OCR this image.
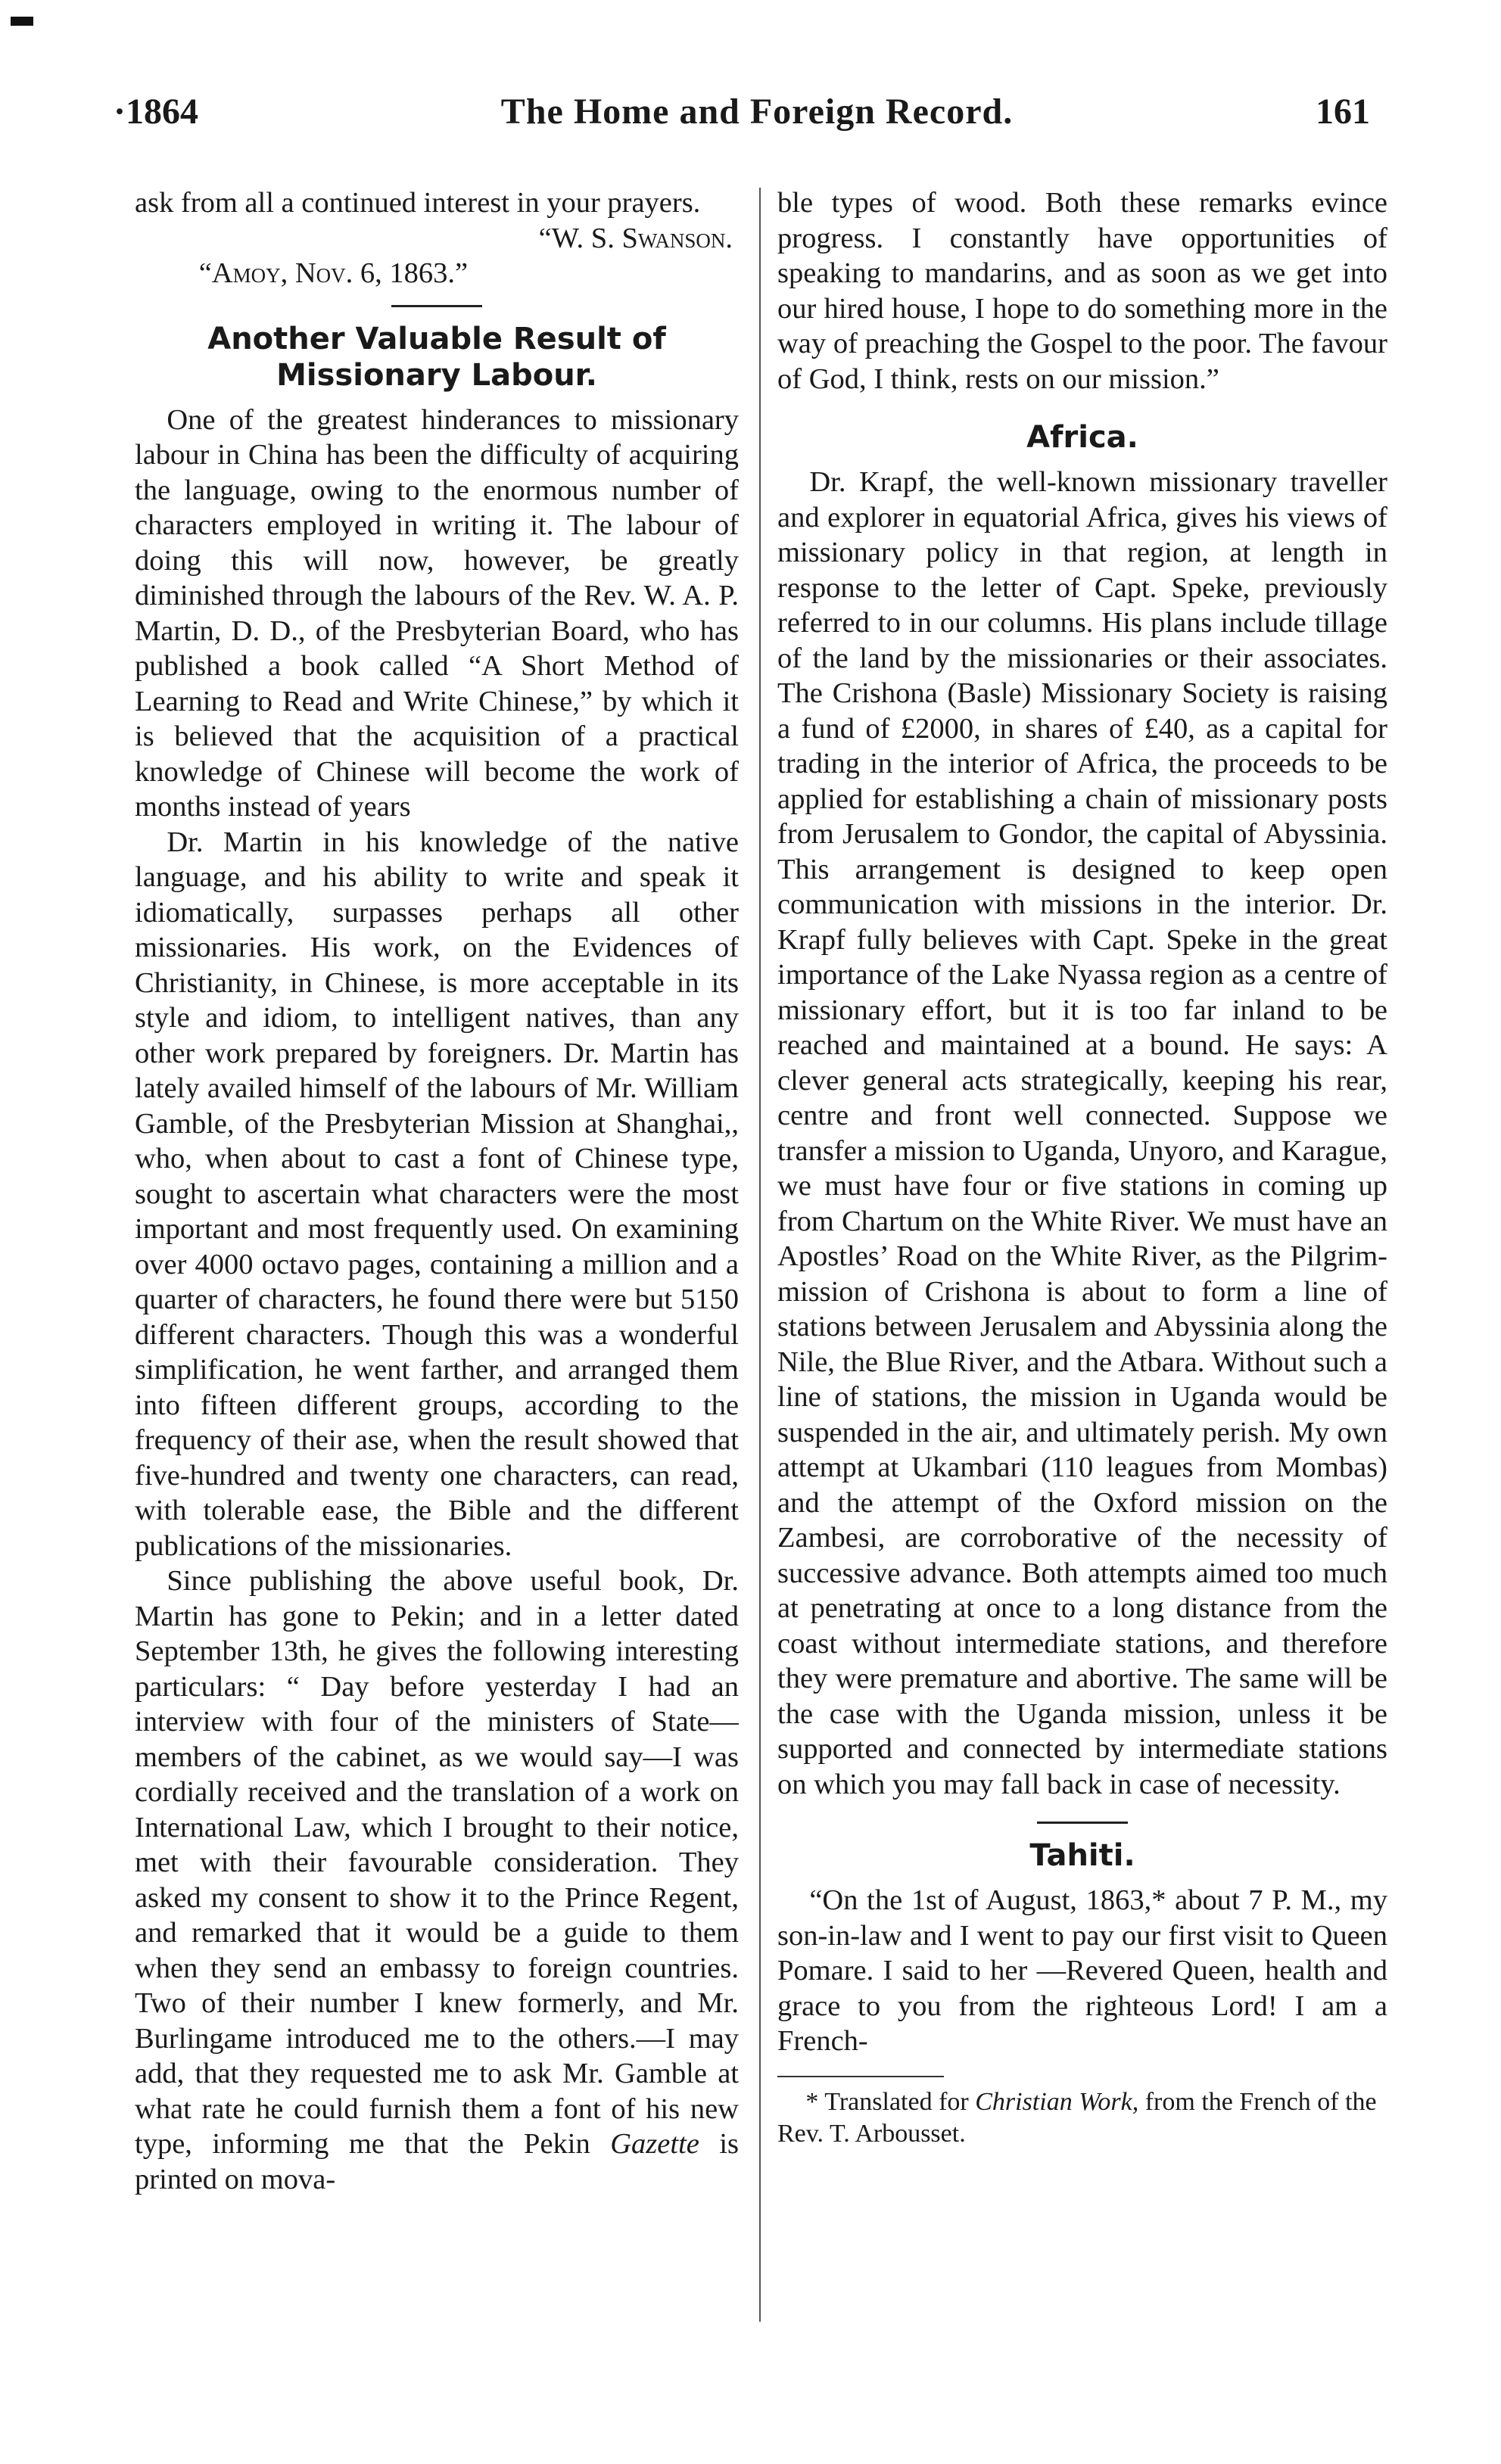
·1864	The Home and Foreign Record.	161

ask from all a continued interest in your prayers.

“W. S. Swanson.

“Amoy, Nov. 6, 1863.”

Another Valuable Result of Missionary Labour.

One of the greatest hinderances to missionary labour in China has been the difficulty of acquiring the language, owing to the enormous number of characters employed in writing it. The labour of doing this will now, however, be greatly diminished through the labours of the Rev. W. A. P. Martin, D. D., of the Presbyterian Board, who has published a book called “A Short Method of Learning to Read and Write Chinese,” by which it is believed that the acquisition of a practical knowledge of Chinese will become the work of months instead of years

Dr. Martin in his knowledge of the native language, and his ability to write and speak it idiomatically, surpasses perhaps all other missionaries. His work, on the Evidences of Christianity, in Chinese, is more acceptable in its style and idiom, to intelligent natives, than any other work prepared by foreigners. Dr. Martin has lately availed himself of the labours of Mr. William Gamble, of the Presbyterian Mission at Shanghai,, who, when about to cast a font of Chinese type, sought to ascertain what characters were the most important and most frequently used. On examining over 4000 octavo pages, containing a million and a quarter of characters, he found there were but 5150 different characters. Though this was a wonderful simplification, he went farther, and arranged them into fifteen different groups, according to the frequency of their ase, when the result showed that five-hundred and twenty one characters, can read, with tolerable ease, the Bible and the different publications of the missionaries.

Since publishing the above useful book, Dr. Martin has gone to Pekin; and in a letter dated September 13th, he gives the following interesting particulars: “ Day before yesterday I had an interview with four of the ministers of State—members of the cabinet, as we would say—I was cordially received and the translation of a work on International Law, which I brought to their notice, met with their favourable consideration. They asked my consent to show it to the Prince Regent, and remarked that it would be a guide to them when they send an embassy to foreign countries. Two of their number I knew formerly, and Mr. Burlingame introduced me to the others.—I may add, that they requested me to ask Mr. Gamble at what rate he could furnish them a font of his new type, informing me that the Pekin Gazette is printed on mova-

ble types of wood. Both these remarks evince progress. I constantly have opportunities of speaking to mandarins, and as soon as we get into our hired house, I hope to do something more in the way of preaching the Gospel to the poor. The favour of God, I think, rests on our mission.”

Africa.

Dr. Krapf, the well-known missionary traveller and explorer in equatorial Africa, gives his views of missionary policy in that region, at length in response to the letter of Capt. Speke, previously referred to in our columns. His plans include tillage of the land by the missionaries or their associates. The Crishona (Basle) Missionary Society is raising a fund of £2000, in shares of £40, as a capital for trading in the interior of Africa, the proceeds to be applied for establishing a chain of missionary posts from Jerusalem to Gondor, the capital of Abyssinia. This arrangement is designed to keep open communication with missions in the interior. Dr. Krapf fully believes with Capt. Speke in the great importance of the Lake Nyassa region as a centre of missionary effort, but it is too far inland to be reached and maintained at a bound. He says: A clever general acts strategically, keeping his rear, centre and front well connected. Suppose we transfer a mission to Uganda, Unyoro, and Karague, we must have four or five stations in coming up from Chartum on the White River. We must have an Apostles’ Road on the White River, as the Pilgrim-mission of Crishona is about to form a line of stations between Jerusalem and Abyssinia along the Nile, the Blue River, and the Atbara. Without such a line of stations, the mission in Uganda would be suspended in the air, and ultimately perish. My own attempt at Ukambari (110 leagues from Mombas) and the attempt of the Oxford mission on the Zambesi, are corroborative of the necessity of successive advance. Both attempts aimed too much at penetrating at once to a long distance from the coast without intermediate stations, and therefore they were premature and abortive. The same will be the case with the Uganda mission, unless it be supported and connected by intermediate stations on which you may fall back in case of necessity.

Tahiti.

“On the 1st of August, 1863,* about 7 P. M., my son-in-law and I went to pay our first visit to Queen Pomare. I said to her —Revered Queen, health and grace to you from the righteous Lord! I am a French-

* Translated for Christian Work, from the French of the Rev. T. Arbousset.
